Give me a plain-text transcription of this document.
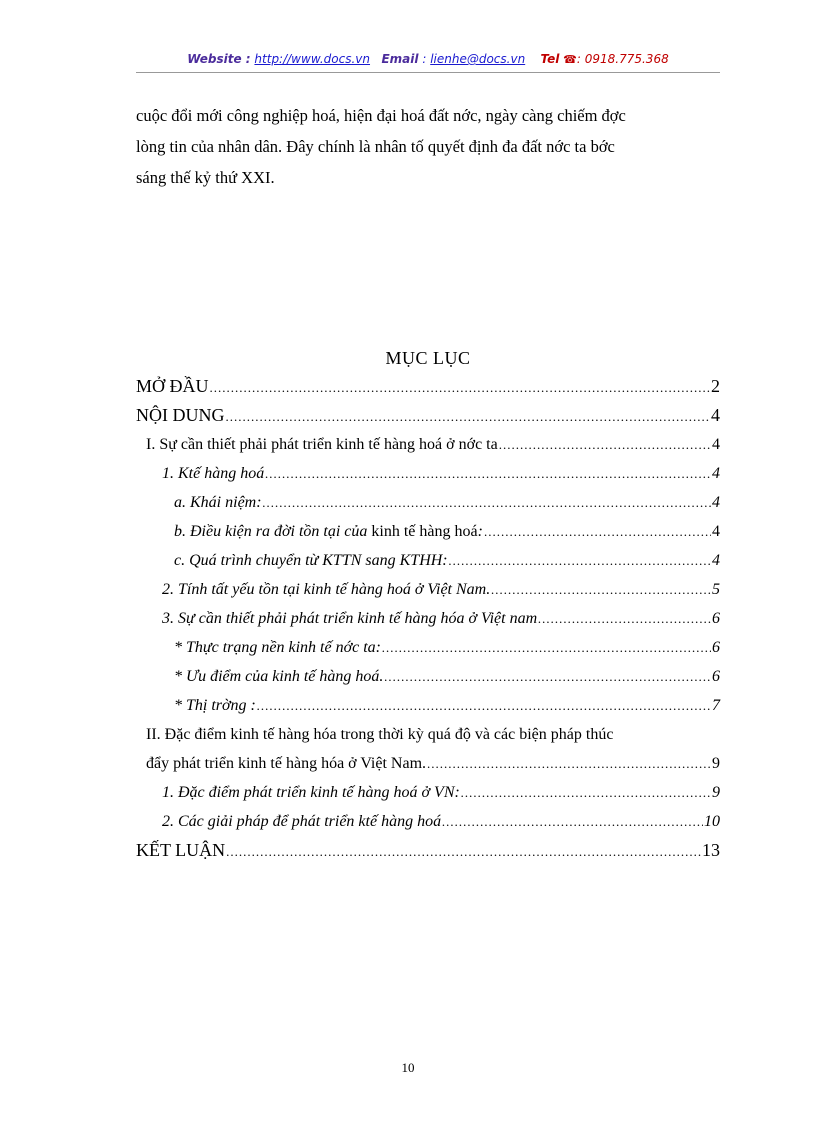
Website : http://www.docs.vn Email : lienhe@docs.vn Tel ☎: 0918.775.368
cuộc đổi mới công nghiệp hoá, hiện đại hoá đất nớc, ngày càng chiếm đợc
lòng tin của nhân dân. Đây chính là nhân tố quyết định đa đất nớc ta bớc
sáng thế kỷ thứ XXI.
MỤC LỤC
MỞ ĐẦU .....	2
NỘI DUNG .....	4
I. Sự cần thiết phải phát triển kinh tế hàng hoá ở nớc ta .....	4
1. Ktế hàng hoá .....	4
a. Khái niệm: .....	4
b. Điều kiện ra đời tồn tại của kinh tế hàng hoá: .....	4
c. Quá trình chuyển từ KTTN sang KTHH: .....	4
2. Tính tất yếu tồn tại kinh tế hàng hoá ở Việt Nam. .....	5
3. Sự cần thiết phải phát triển kinh tế hàng hóa ở Việt nam .....	6
* Thực trạng nền kinh tế nớc ta: .....	6
* Ưu điểm của kinh tế hàng hoá. .....	6
* Thị trờng : .....	7
II. Đặc điểm kinh tế hàng hóa trong thời kỳ quá độ và các biện pháp thúc
đẩy phát triển kinh tế hàng hóa ở Việt Nam. .....	9
1. Đặc điểm phát triển kinh tế hàng hoá ở VN: .....	9
2. Các giải pháp để phát triển ktế hàng hoá .....	10
KẾT LUẬN .....	13
10
